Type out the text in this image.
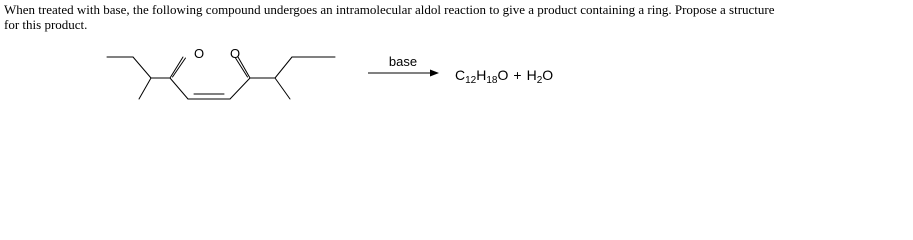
When treated with base, the following compound undergoes an intramolecular aldol reaction to give a product containing a ring. Propose a structure

for this product.

O O
base
$C_{12}H_{18}O + H_2O$
